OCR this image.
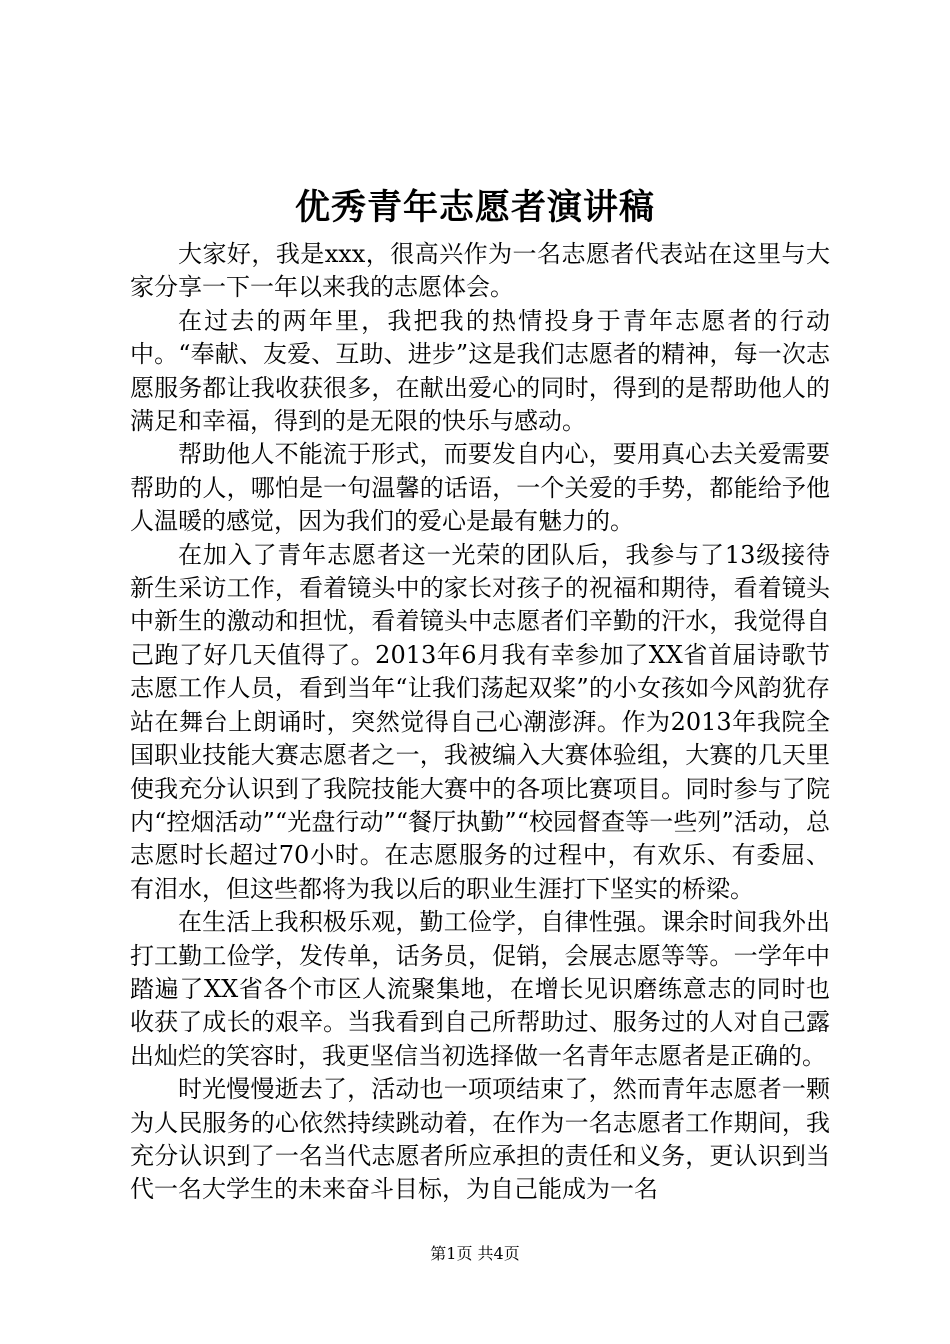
优秀青年志愿者演讲稿

大家好，我是xxx，很高兴作为一名志愿者代表站在这里与大家分享一下一年以来我的志愿体会。

在过去的两年里，我把我的热情投身于青年志愿者的行动中。“奉献、友爱、互助、进步”这是我们志愿者的精神，每一次志愿服务都让我收获很多，在献出爱心的同时，得到的是帮助他人的满足和幸福，得到的是无限的快乐与感动。

帮助他人不能流于形式，而要发自内心，要用真心去关爱需要帮助的人，哪怕是一句温馨的话语，一个关爱的手势，都能给予他人温暖的感觉，因为我们的爱心是最有魅力的。

在加入了青年志愿者这一光荣的团队后，我参与了13级接待新生采访工作，看着镜头中的家长对孩子的祝福和期待，看着镜头中新生的激动和担忧，看着镜头中志愿者们辛勤的汗水，我觉得自己跑了好几天值得了。2013年6月我有幸参加了XX省首届诗歌节志愿工作人员，看到当年“让我们荡起双桨”的小女孩如今风韵犹存站在舞台上朗诵时，突然觉得自己心潮澎湃。作为2013年我院全国职业技能大赛志愿者之一，我被编入大赛体验组，大赛的几天里使我充分认识到了我院技能大赛中的各项比赛项目。同时参与了院内“控烟活动”“光盘行动”“餐厅执勤”“校园督查等一些列”活动，总志愿时长超过70小时。在志愿服务的过程中，有欢乐、有委屈、有泪水，但这些都将为我以后的职业生涯打下坚实的桥梁。

在生活上我积极乐观，勤工俭学，自律性强。课余时间我外出打工勤工俭学，发传单，话务员，促销，会展志愿等等。一学年中踏遍了XX省各个市区人流聚集地，在增长见识磨练意志的同时也收获了成长的艰辛。当我看到自己所帮助过、服务过的人对自己露出灿烂的笑容时，我更坚信当初选择做一名青年志愿者是正确的。

时光慢慢逝去了，活动也一项项结束了，然而青年志愿者一颗为人民服务的心依然持续跳动着，在作为一名志愿者工作期间，我充分认识到了一名当代志愿者所应承担的责任和义务，更认识到当代一名大学生的未来奋斗目标，为自己能成为一名

第1页 共4页
